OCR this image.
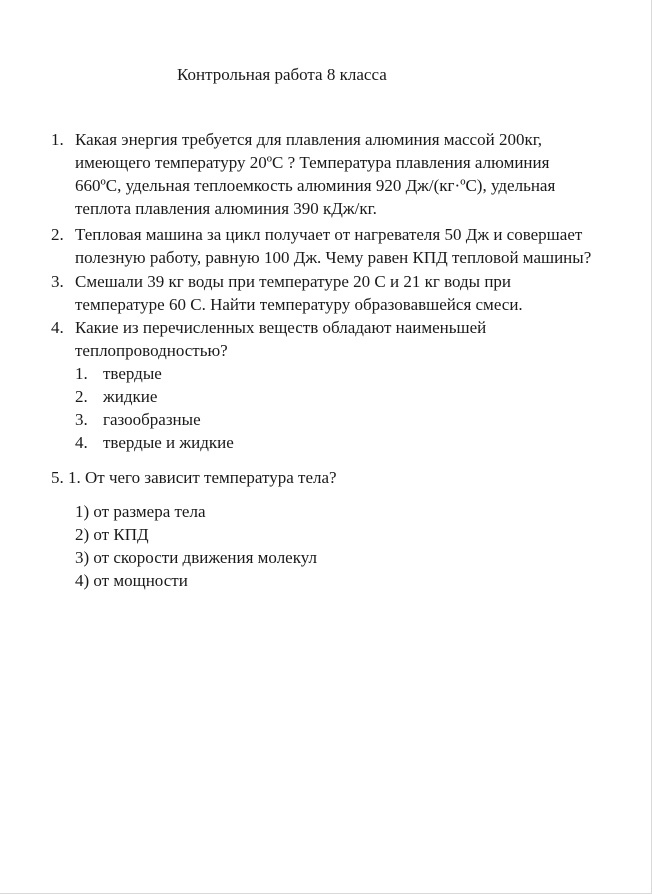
Контрольная работа 8 класса
1. Какая энергия требуется для плавления алюминия массой 200кг,
имеющего температуру 20ºС ? Температура плавления алюминия
660ºС, удельная теплоемкость алюминия 920 Дж/(кг·ºС), удельная
теплота плавления алюминия 390 кДж/кг.
2. Тепловая машина за цикл получает от нагревателя 50 Дж и совершает
полезную работу, равную 100 Дж. Чему равен КПД тепловой машины?
3. Смешали 39 кг воды при температуре 20 С и 21 кг воды при
температуре 60 С. Найти температуру образовавшейся смеси.
4. Какие из перечисленных веществ обладают наименьшей
теплопроводностью?
1. твердые
2. жидкие
3. газообразные
4. твердые и жидкие
5. 1. От чего зависит температура тела?
1) от размера тела
2) от КПД
3) от скорости движения молекул
4) от мощности
